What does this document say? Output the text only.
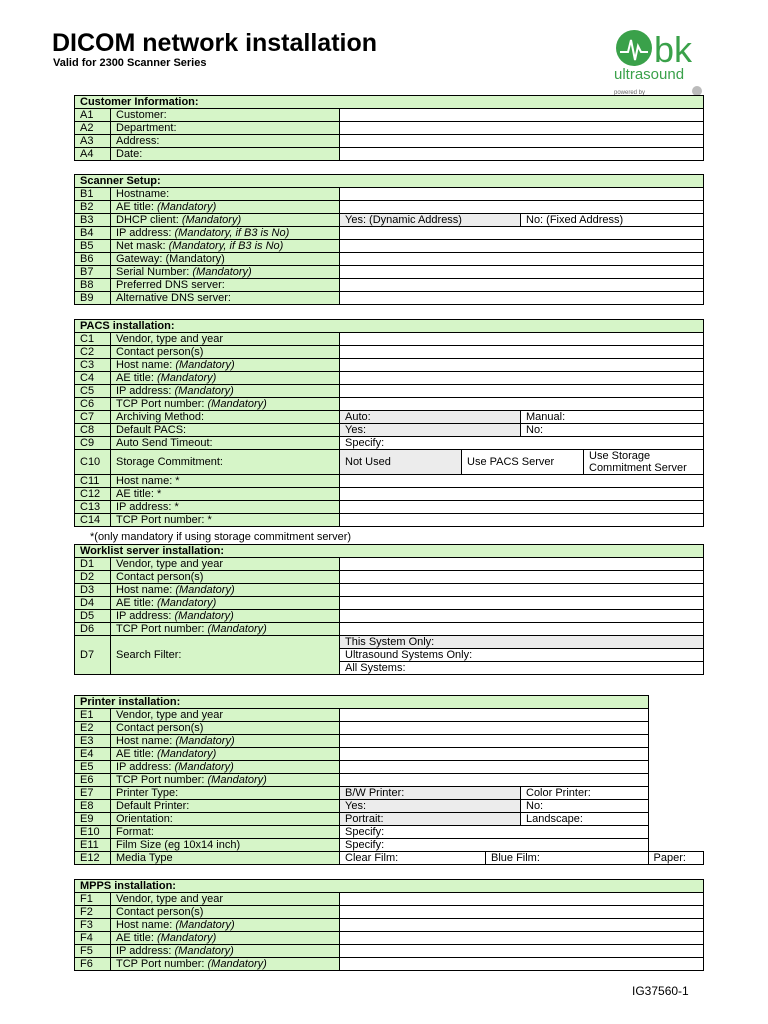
DICOM network installation
Valid for 2300 Scanner Series	bk
ultrasound
powered by
Customer Information:		
A1	Customer:	
A2	Department:	
A3	Address:	
A4	Date:	
Scanner Setup:			
B1	Hostname:		
B2	AE title: (Mandatory)		
B3	DHCP client: (Mandatory)	Yes: (Dynamic Address)	No: (Fixed Address)
B4	IP address: (Mandatory, if B3 is No)		
B5	Net mask: (Mandatory, if B3 is No)		
B6	Gateway: (Mandatory)		
B7	Serial Number: (Mandatory)		
B8	Preferred DNS server:		
B9	Alternative DNS server:		
PACS installation:					
C1	Vendor, type and year				
C2	Contact person(s)				
C3	Host name: (Mandatory)				
C4	AE title: (Mandatory)				
C5	IP address: (Mandatory)				
C6	TCP Port number: (Mandatory)				
C7	Archiving Method:	Auto:		Manual:	
C8	Default PACS:	Yes:		No:	
C9	Auto Send Timeout:	Specify:			
C10	Storage Commitment:	Not Used	Use PACS Server		Use Storage Commitment Server
C11	Host name: *				
C12	AE title: *				
C13	IP address: *				
C14	TCP Port number: *				
*(only mandatory if using storage commitment server)
Worklist server installation:		
D1	Vendor, type and year	
D2	Contact person(s)	
D3	Host name: (Mandatory)	
D4	AE title: (Mandatory)	
D5	IP address: (Mandatory)	
D6	TCP Port number: (Mandatory)	
D7	Search Filter:	This System Only:
		Ultrasound Systems Only:
		All Systems:
Printer installation:					
E1	Vendor, type and year				
E2	Contact person(s)				
E3	Host name: (Mandatory)				
E4	AE title: (Mandatory)				
E5	IP address: (Mandatory)				
E6	TCP Port number: (Mandatory)				
E7	Printer Type:	B/W Printer:		Color Printer:	
E8	Default Printer:	Yes:		No:	
E9	Orientation:	Portrait:		Landscape:	
E10	Format:	Specify:			
E11	Film Size (eg 10x14 inch)	Specify:			
E12	Media Type	Clear Film:	Blue Film:		Paper:
MPPS installation:		
F1	Vendor, type and year	
F2	Contact person(s)	
F3	Host name: (Mandatory)	
F4	AE title: (Mandatory)	
F5	IP address: (Mandatory)	
F6	TCP Port number: (Mandatory)	
IG37560-1
